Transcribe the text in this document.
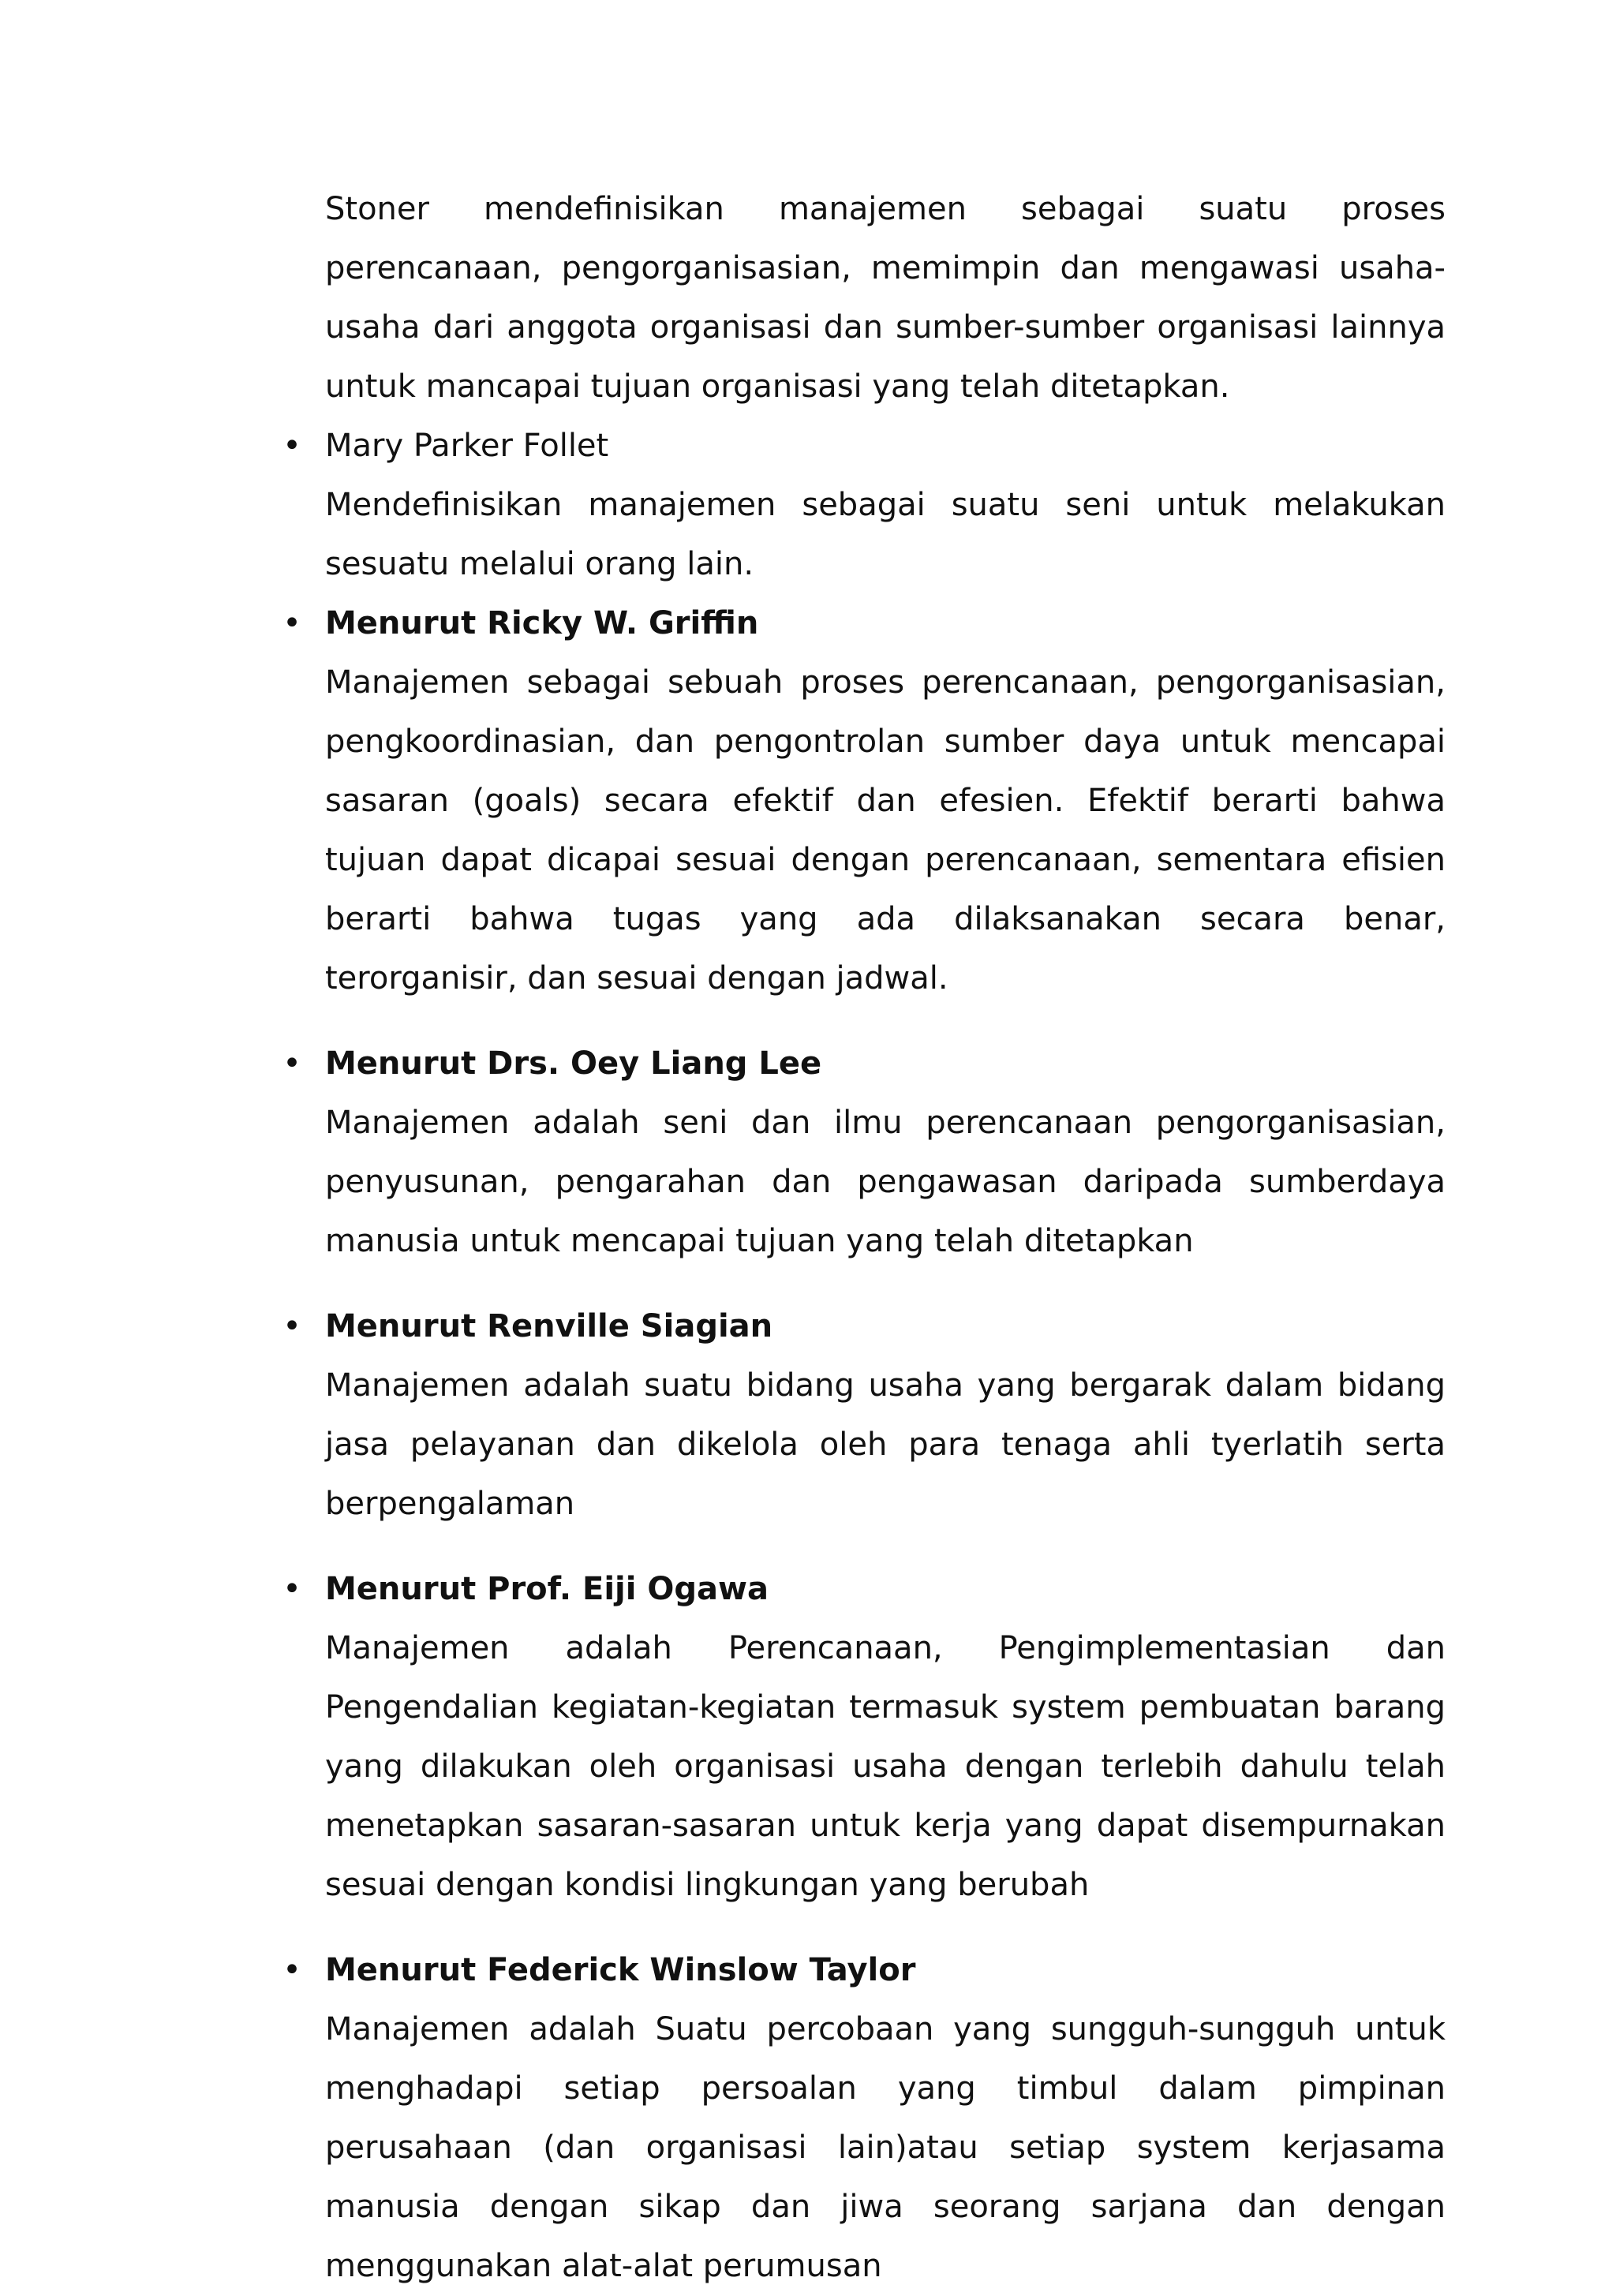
Stoner mendefinisikan manajemen sebagai suatu proses perencanaan, pengorganisasian, memimpin dan mengawasi usaha-usaha dari anggota organisasi dan sumber-sumber organisasi lainnya untuk mancapai tujuan organisasi yang telah ditetapkan.

• Mary Parker Follet

Mendefinisikan manajemen sebagai suatu seni untuk melakukan sesuatu melalui orang lain.

• Menurut Ricky W. Griffin

Manajemen sebagai sebuah proses perencanaan, pengorganisasian, pengkoordinasian, dan pengontrolan sumber daya untuk mencapai sasaran (goals) secara efektif dan efesien. Efektif berarti bahwa tujuan dapat dicapai sesuai dengan perencanaan, sementara efisien berarti bahwa tugas yang ada dilaksanakan secara benar, terorganisir, dan sesuai dengan jadwal.

• Menurut Drs. Oey Liang Lee

Manajemen adalah seni dan ilmu perencanaan pengorganisasian, penyusunan, pengarahan dan pengawasan daripada sumberdaya manusia untuk mencapai tujuan yang telah ditetapkan

• Menurut Renville Siagian

Manajemen adalah suatu bidang usaha yang bergarak dalam bidang jasa pelayanan dan dikelola oleh para tenaga ahli tyerlatih serta berpengalaman

• Menurut Prof. Eiji Ogawa

Manajemen adalah Perencanaan, Pengimplementasian dan Pengendalian kegiatan-kegiatan termasuk system pembuatan barang yang dilakukan oleh organisasi usaha dengan terlebih dahulu telah menetapkan sasaran-sasaran untuk kerja yang dapat disempurnakan sesuai dengan kondisi lingkungan yang berubah

• Menurut Federick Winslow Taylor

Manajemen adalah Suatu percobaan yang sungguh-sungguh untuk menghadapi setiap persoalan yang timbul dalam pimpinan perusahaan (dan organisasi lain)atau setiap system kerjasama manusia dengan sikap dan jiwa seorang sarjana dan dengan menggunakan alat-alat perumusan
